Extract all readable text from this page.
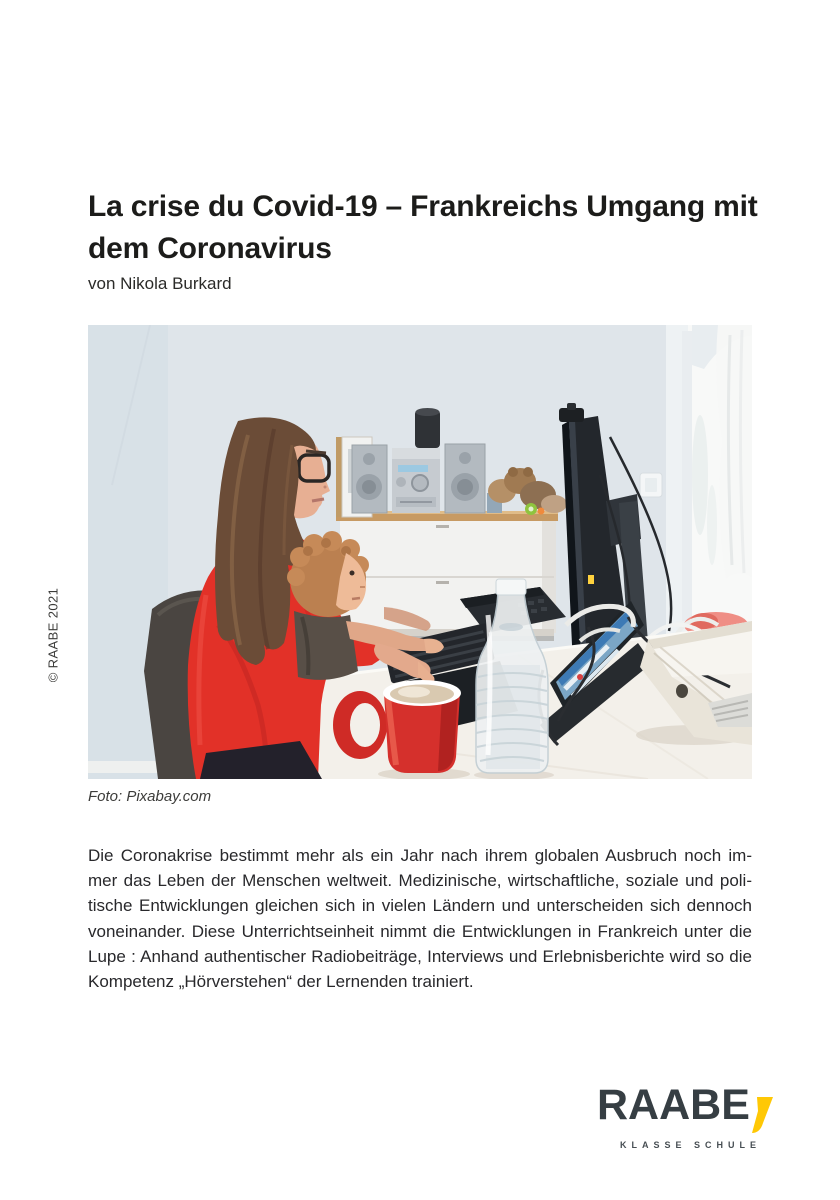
© RAABE 2021
La crise du Covid-19 – Frankreichs Umgang mit
dem Coronavirus
von Nikola Burkard
Foto: Pixabay.com
Die Coronakrise bestimmt mehr als ein Jahr nach ihrem globalen Ausbruch noch im-
mer das Leben der Menschen weltweit. Medizinische, wirtschaftliche, soziale und poli-
tische Entwicklungen gleichen sich in vielen Ländern und unterscheiden sich dennoch
voneinander. Diese Unterrichtseinheit nimmt die Entwicklungen in Frankreich unter die
Lupe : Anhand authentischer Radiobeiträge, Interviews und Erlebnisberichte wird so die
Kompetenz „Hörverstehen“ der Lernenden trainiert.
RAABE
KLASSE SCHULE
